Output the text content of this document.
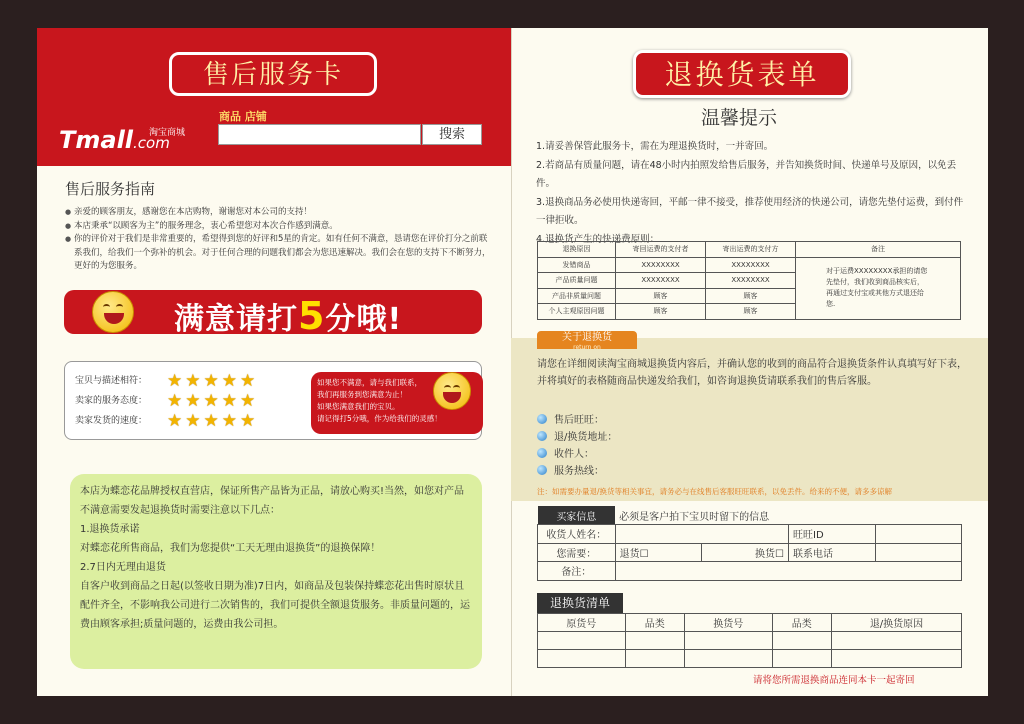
售后服务卡
Tmall.com
淘宝商城
商品 店铺
搜索
售后服务指南
● 亲爱的顾客朋友，感谢您在本店购物，谢谢您对本公司的支持！
● 本店秉承“以顾客为主”的服务理念，衷心希望您对本次合作感到满意。
● 你的评价对于我们是非常重要的，希望得到您的好评和5星的肯定。如有任何不满意，恳请您在评价打分之前联系我们，给我们一个弥补的机会。对于任何合理的问题我们都会为您迅速解决。我们会在您的支持下不断努力，更好的为您服务。
满意请打5分哦!
宝贝与描述相符： ★★★★★
卖家的服务态度： ★★★★★
卖家发货的速度： ★★★★★
如果您不满意，请与我们联系，
我们再服务到您满意为止！
如果您满意我们的宝贝。
请记得打5分哦，作为给我们的灵感！

本店为蝶恋花品牌授权直营店，保证所售产品皆为正品，请放心购买!当然，如您对产品不满意需要发起退换货时需要注意以下几点：

1.退换货承诺

对蝶恋花所售商品，我们为您提供“工天无理由退换货”的退换保障！

2.7日内无理由退货

自客户收到商品之日起(以签收日期为准)7日内，如商品及包装保持蝶恋花出售时原状且配件齐全，不影响我公司进行二次销售的，我们可提供全额退货服务。非质量问题的，运费由顾客承担;质量问题的，运费由我公司担。

退换货表单
温馨提示
1.请妥善保管此服务卡，需在为理退换货时，一并寄回。
2.若商品有质量问题，请在48小时内拍照发给售后服务，并告知换货时间、快递单号及原因，以免丢件。
3.退换商品务必使用快递寄回，平邮一律不接受，推荐使用经济的快递公司，请您先垫付运费，到付件一律拒收。
4.退换货产生的快递费原则：
退换原因	寄回运费的支付者	寄出运费的支付方	备注
发错商品	XXXXXXXX	XXXXXXXX	对于运费XXXXXXXX承担的请您先垫付，我们收到商品核实后，再通过支付宝或其他方式退还给您.
产品质量问题	XXXXXXXX	XXXXXXXX	
产品非质量问题	顾客	顾客	
个人主观原因问题	顾客	顾客	
关于退换货
return on
请您在详细阅读淘宝商城退换货内容后，并确认您的收到的商品符合退换货条件认真填写好下表，并将填好的表格随商品快递发给我们，如咨询退换货请联系我们的售后客服。
售后旺旺：
退/换货地址：
收件人：
服务热线：
注：如需要办量退/换货等相关事宜，请务必与在线售后客服旺旺联系，以免丢件。给来的不便，请多多谅解
买家信息	必须是客户拍下宝贝时留下的信息			
收货人姓名：			旺旺ID	
您需要：	退货☐	换货☐	联系电话	
备注：				
退换货清单
原货号	品类	换货号	品类	退/换货原因

请将您所需退换商品连同本卡一起寄回
